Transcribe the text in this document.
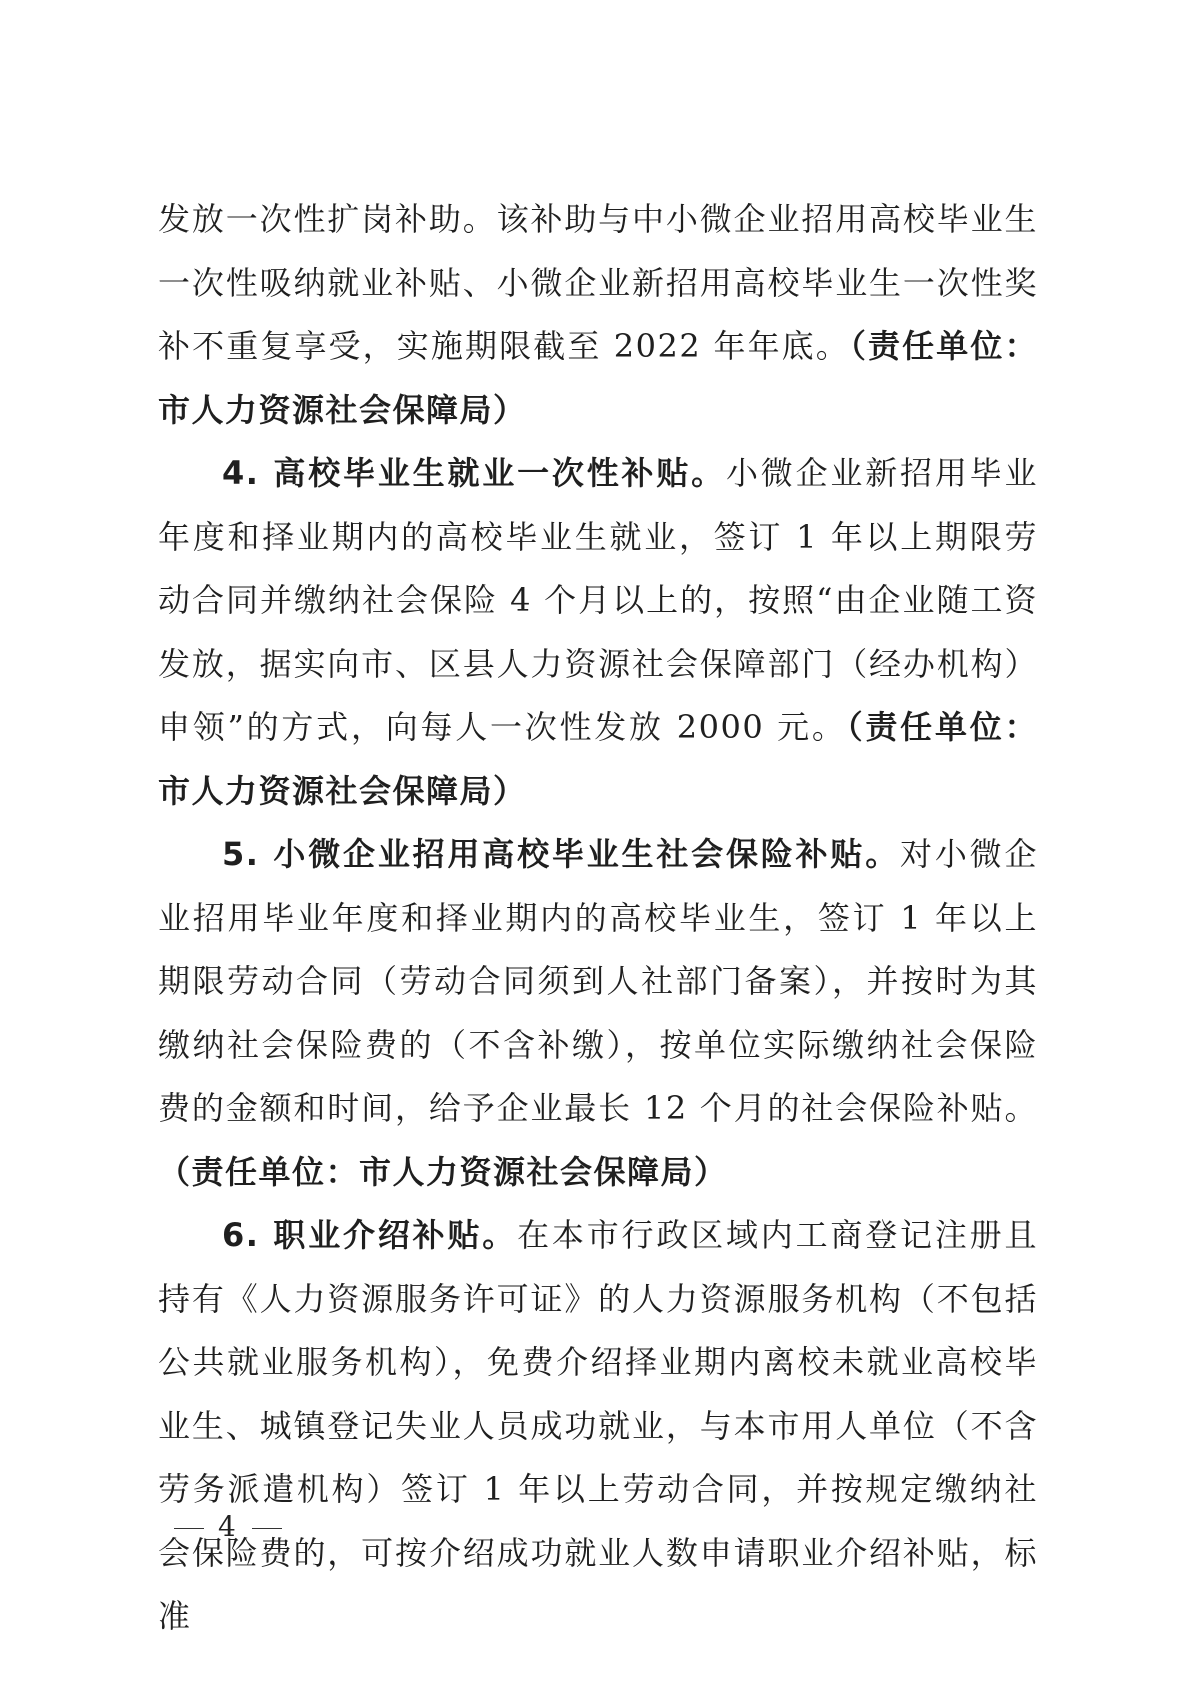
发放一次性扩岗补助。该补助与中小微企业招用高校毕业生一次性吸纳就业补贴、小微企业新招用高校毕业生一次性奖补不重复享受，实施期限截至 2022 年年底。（责任单位：市人力资源社会保障局）

4. 高校毕业生就业一次性补贴。小微企业新招用毕业年度和择业期内的高校毕业生就业，签订 1 年以上期限劳动合同并缴纳社会保险 4 个月以上的，按照“由企业随工资发放，据实向市、区县人力资源社会保障部门（经办机构）申领”的方式，向每人一次性发放 2000 元。（责任单位：市人力资源社会保障局）

5. 小微企业招用高校毕业生社会保险补贴。对小微企业招用毕业年度和择业期内的高校毕业生，签订 1 年以上期限劳动合同（劳动合同须到人社部门备案），并按时为其缴纳社会保险费的（不含补缴），按单位实际缴纳社会保险费的金额和时间，给予企业最长 12 个月的社会保险补贴。（责任单位：市人力资源社会保障局）

6. 职业介绍补贴。在本市行政区域内工商登记注册且持有《人力资源服务许可证》的人力资源服务机构（不包括公共就业服务机构），免费介绍择业期内离校未就业高校毕业生、城镇登记失业人员成功就业，与本市用人单位（不含劳务派遣机构）签订 1 年以上劳动合同，并按规定缴纳社会保险费的，可按介绍成功就业人数申请职业介绍补贴，标准

4
